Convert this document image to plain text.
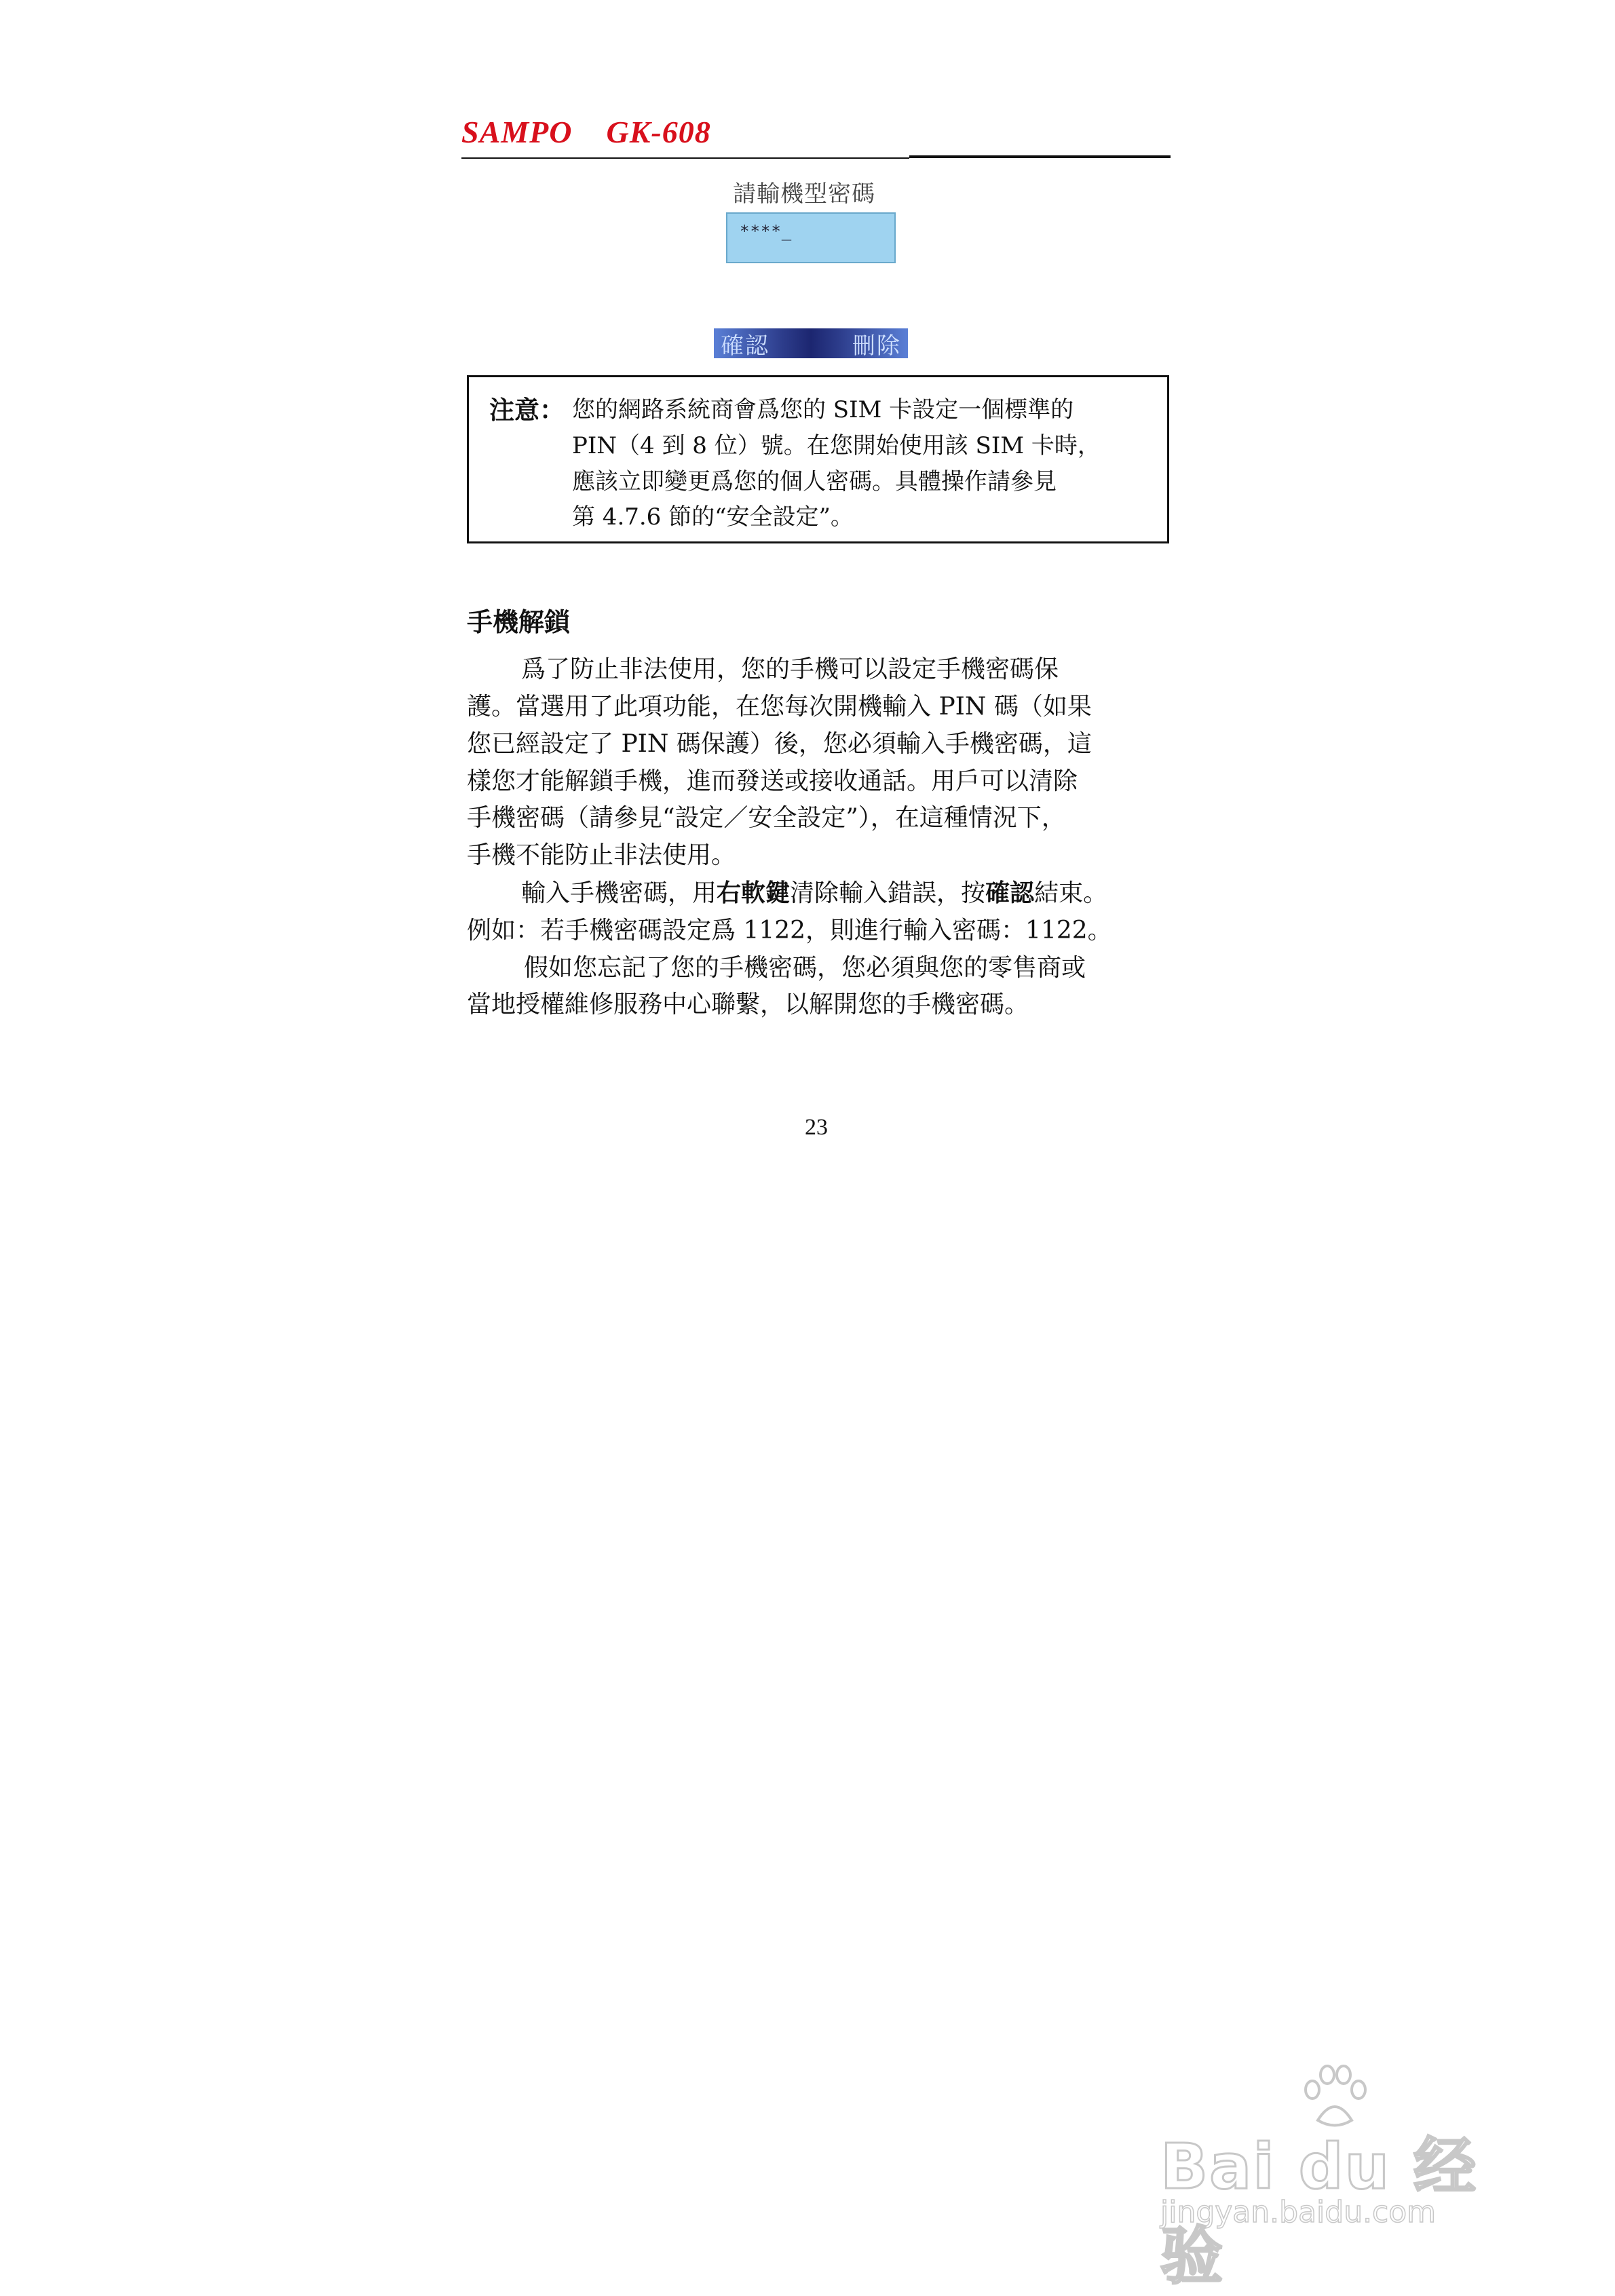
SAMPO    GK-608
請輸機型密碼
****_
確認	刪除
注意： 您的網路系統商會爲您的 SIM 卡設定一個標準的
PIN（4 到 8 位）號。在您開始使用該 SIM 卡時，
應該立即變更爲您的個人密碼。具體操作請參見
第 4.7.6 節的“安全設定”。
手機解鎖
爲了防止非法使用，您的手機可以設定手機密碼保
護。當選用了此項功能，在您每次開機輸入 PIN 碼（如果
您已經設定了 PIN 碼保護）後，您必須輸入手機密碼，這
樣您才能解鎖手機，進而發送或接收通話。用戶可以清除
手機密碼（請參見“設定／安全設定”），在這種情況下，
手機不能防止非法使用。
輸入手機密碼，用右軟鍵清除輸入錯誤，按確認結束。
例如：若手機密碼設定爲 1122，則進行輸入密碼：1122。
假如您忘記了您的手機密碼，您必須與您的零售商或
當地授權維修服務中心聯繫，以解開您的手機密碼。
23
Bai du 经验
jingyan.baidu.com
